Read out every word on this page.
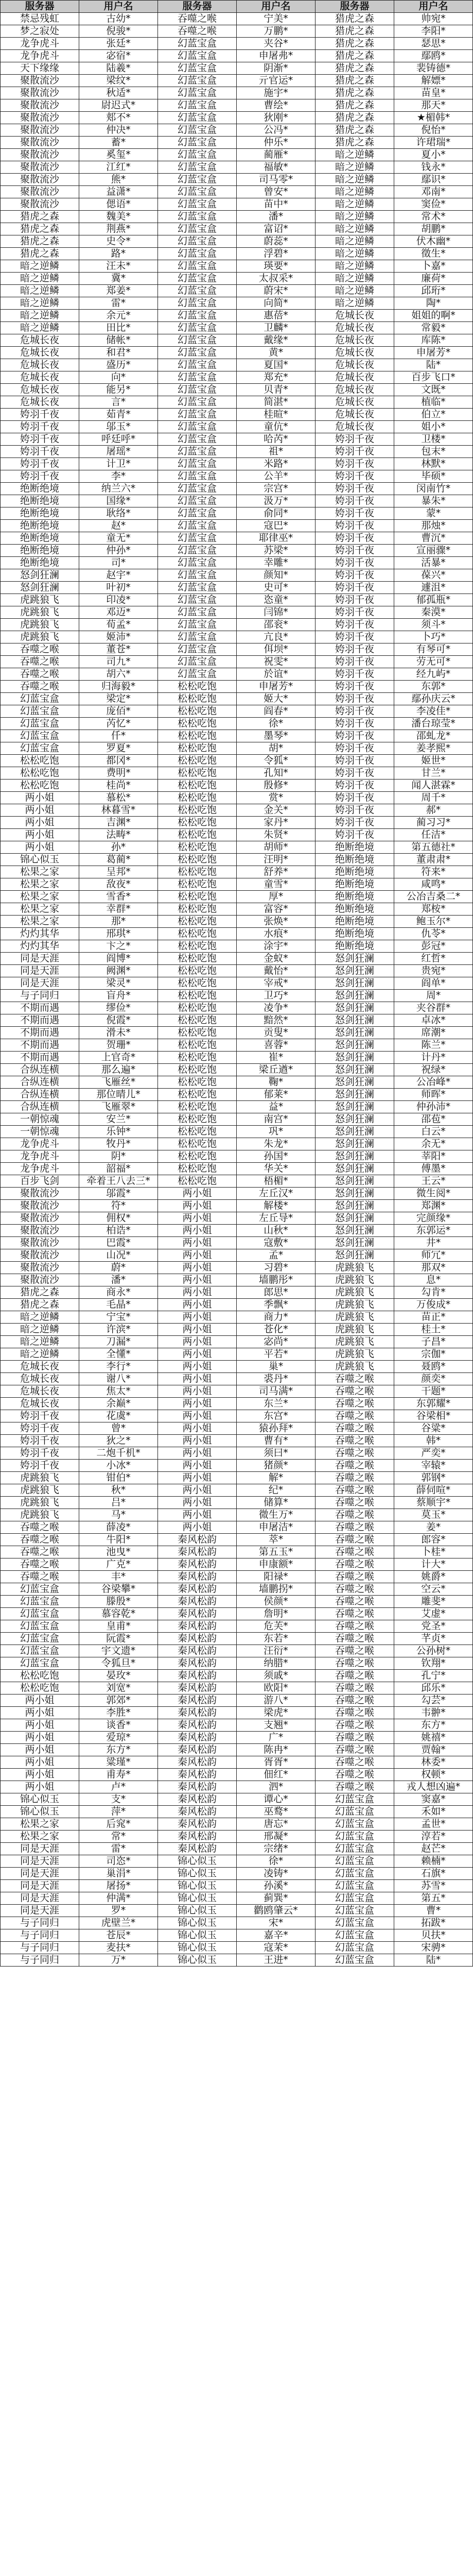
服务器	用户名	服务器	用户名	服务器	用户名
禁忌残虹	古幼*	吞噬之喉	宁美*	猎虎之森	帅宛*
梦之寂处	倪骏*	吞噬之喉	万鹏*	猎虎之森	李阳*
龙争虎斗	张廷*	幻蓝宝盒	夹谷*	猎虎之森	瑟思*
龙争虎斗	宓宿*	幻蓝宝盒	申屠弗*	猎虎之森	鄢鸥*
天下缘缘	陆羲*	幻蓝宝盒	阴渐*	猎虎之森	裴铸德*
聚散流沙	梁纹*	幻蓝宝盒	亓官运*	猎虎之森	解嫖*
聚散流沙	秋适*	幻蓝宝盒	施宇*	猎虎之森	苗皇*
聚散流沙	尉迟式*	幻蓝宝盒	曹绘*	猎虎之森	那天*
聚散流沙	郏不*	幻蓝宝盒	狄刚*	猎虎之森	★楣韩*
聚散流沙	仲决*	幻蓝宝盒	公冯*	猎虎之森	倪怡*
聚散流沙	蓄*	幻蓝宝盒	仲乐*	猎虎之森	许珺瑞*
聚散流沙	奚玺*	幻蓝宝盒	蔺雁*	暗之逆鳞	夏小*
聚散流沙	江红*	幻蓝宝盒	福敏*	暗之逆鳞	钱永*
聚散流沙	熊*	幻蓝宝盒	司马零*	暗之逆鳞	鄢识*
聚散流沙	益潇*	幻蓝宝盒	曾安*	暗之逆鳞	邓南*
聚散流沙	偲语*	幻蓝宝盒	苗中*	暗之逆鳞	窦俭*
猎虎之森	魏美*	幻蓝宝盒	潘*	暗之逆鳞	常术*
猎虎之森	荆燕*	幻蓝宝盒	富诏*	暗之逆鳞	胡鹏*
猎虎之森	史令*	幻蓝宝盒	蔚蕊*	暗之逆鳞	伏木幽*
猎虎之森	路*	幻蓝宝盒	浮碧*	暗之逆鳞	徵生*
暗之逆鳞	汪未*	幻蓝宝盒	瑛要*	暗之逆鳞	卜嘉*
暗之逆鳞	冀*	幻蓝宝盒	太叔采*	暗之逆鳞	廉荷*
暗之逆鳞	郑姜*	幻蓝宝盒	蔚宋*	暗之逆鳞	邱珩*
暗之逆鳞	雷*	幻蓝宝盒	向简*	暗之逆鳞	陶*
暗之逆鳞	余元*	幻蓝宝盒	惠蓓*	危城长夜	姐姐的啊*
暗之逆鳞	田比*	幻蓝宝盒	卫麟*	危城长夜	常毅*
危城长夜	储帐*	幻蓝宝盒	戴缘*	危城长夜	库陈*
危城长夜	和君*	幻蓝宝盒	黄*	危城长夜	申屠芳*
危城长夜	盛历*	幻蓝宝盒	夏国*	危城长夜	陆*
危城长夜	向*	幻蓝宝盒	郑充*	危城长夜	百步飞口*
危城长夜	能另*	幻蓝宝盒	贝青*	危城长夜	文既*
危城长夜	言*	幻蓝宝盒	简湛*	危城长夜	植临*
姱羽千夜	茹青*	幻蓝宝盒	桂暄*	危城长夜	伯立*
姱羽千夜	邬玉*	幻蓝宝盒	童伉*	危城长夜	姐小*
姱羽千夜	呼廷呼*	幻蓝宝盒	哈芮*	姱羽千夜	卫楼*
姱羽千夜	屠瑶*	幻蓝宝盒	祖*	姱羽千夜	包末*
姱羽千夜	计卫*	幻蓝宝盒	米路*	姱羽千夜	林默*
姱羽千夜	李*	幻蓝宝盒	公羊*	姱羽千夜	毕硕*
绝断绝境	纳兰六*	幻蓝宝盒	宗宫*	姱羽千夜	闵南竹*
绝断绝境	国缘*	幻蓝宝盒	汲万*	姱羽千夜	暴朱*
绝断绝境	耿络*	幻蓝宝盒	俞同*	姱羽千夜	蒙*
绝断绝境	赵*	幻蓝宝盒	寇巴*	姱羽千夜	那烛*
绝断绝境	童无*	幻蓝宝盒	耶律巫*	姱羽千夜	曹沉*
绝断绝境	仲孙*	幻蓝宝盒	苏梁*	姱羽千夜	宣丽骤*
绝断绝境	司*	幻蓝宝盒	幸雕*	姱羽千夜	活暴*
怒剑狂澜	赵宇*	幻蓝宝盒	颜知*	姱羽千夜	葆兴*
怒剑狂澜	叶初*	幻蓝宝盒	史可*	姱羽千夜	遽沮*
虎跳狼飞	印凌*	幻蓝宝盒	恣童*	姱羽千夜	郁孤瓶*
虎跳狼飞	邓迈*	幻蓝宝盒	闫锦*	姱羽千夜	秦漠*
虎跳狼飞	荀孟*	幻蓝宝盒	邵衮*	姱羽千夜	须斗*
虎跳狼飞	姬沛*	幻蓝宝盒	亢良*	姱羽千夜	卜巧*
吞噬之喉	董苍*	幻蓝宝盒	佴坝*	姱羽千夜	有琴可*
吞噬之喉	司九*	幻蓝宝盒	祝雯*	姱羽千夜	劳无可*
吞噬之喉	胡六*	幻蓝宝盒	於谊*	姱羽千夜	经九屿*
吞噬之喉	归海毅*	松松吃饱	申屠芳*	姱羽千夜	东郭*
幻蓝宝盒	梁定*	松松吃饱	姬大*	姱羽千夜	鄢孙庆云*
幻蓝宝盒	庞佰*	松松吃饱	阎春*	姱羽千夜	李凌佳*
幻蓝宝盒	芮忆*	松松吃饱	徐*	姱羽千夜	潘台琼莹*
幻蓝宝盒	仟*	松松吃饱	墨琴*	姱羽千夜	邵虬龙*
幻蓝宝盒	罗夏*	松松吃饱	胡*	姱羽千夜	姜孝熙*
松松吃饱	都冈*	松松吃饱	令狐*	姱羽千夜	姬世*
松松吃饱	费明*	松松吃饱	孔知*	姱羽千夜	甘兰*
松松吃饱	桂尚*	松松吃饱	殷修*	姱羽千夜	闻人湛霖*
两小姐	慕松*	松松吃饱	赏*	姱羽千夜	周千*
两小姐	林暮雪*	松松吃饱	金关*	姱羽千夜	郝*
两小姐	吉渊*	松松吃饱	家丹*	姱羽千夜	蔺习习*
两小姐	法畴*	松松吃饱	朱贤*	姱羽千夜	任洁*
两小姐	孙*	松松吃饱	胡师*	绝断绝境	第五德社*
锦心似玉	葛蔺*	松松吃饱	汪明*	绝断绝境	董肃肃*
松果之家	呈邦*	松松吃饱	舒养*	绝断绝境	符来*
松果之家	敌夜*	松松吃饱	童雪*	绝断绝境	咸鸣*
松果之家	雪香*	松松吃饱	厚*	绝断绝境	公冶吉桑二*
松果之家	幸群*	松松吃饱	富容*	绝断绝境	郑桉*
松果之家	那*	松松吃饱	张焕*	绝断绝境	鲍玉尔*
灼灼其华	邢琪*	松松吃饱	水痕*	绝断绝境	仇苓*
灼灼其华	卞之*	松松吃饱	涂宇*	绝断绝境	彭冠*
同是天涯	阎博*	松松吃饱	金蚁*	怒剑狂澜	红哲*
同是天涯	阙渊*	松松吃饱	戴怡*	怒剑狂澜	贵宛*
同是天涯	梁灵*	松松吃饱	宰戒*	怒剑狂澜	阎单*
与子同归	盲舟*	松松吃饱	卫巧*	怒剑狂澜	周*
不期而遇	缪俭*	松松吃饱	凌争*	怒剑狂澜	夹谷群*
不期而遇	倪霞*	松松吃饱	黯然*	怒剑狂澜	卓冰*
不期而遇	滑未*	松松吃饱	贡叟*	怒剑狂澜	席潮*
不期而遇	贺珊*	松松吃饱	喜蓉*	怒剑狂澜	陈兰*
不期而遇	上官奇*	松松吃饱	崔*	怒剑狂澜	计丹*
合纵连横	那么遍*	松松吃饱	梁丘遒*	怒剑狂澜	祝绿*
合纵连横	飞雁丝*	松松吃饱	鞠*	怒剑狂澜	公冶峰*
合纵连横	那位晴儿*	松松吃饱	郁莱*	怒剑狂澜	师晖*
合纵连横	飞雁翠*	松松吃饱	益*	怒剑狂澜	仲孙沛*
一朝惊魂	安兰*	松松吃饱	南宫*	怒剑狂澜	邵苞*
一朝惊魂	乐钟*	松松吃饱	巩*	怒剑狂澜	白云*
龙争虎斗	牧丹*	松松吃饱	朱龙*	怒剑狂澜	余无*
龙争虎斗	阴*	松松吃饱	孙国*	怒剑狂澜	莘阳*
龙争虎斗	韶福*	松松吃饱	华关*	怒剑狂澜	傅墨*
百步飞剑	牵着王八去三*	松松吃饱	梧楣*	怒剑狂澜	王云*
聚散流沙	邬霞*	两小姐	左丘汉*	怒剑狂澜	微生阅*
聚散流沙	符*	两小姐	解楼*	怒剑狂澜	郑渊*
聚散流沙	佣权*	两小姐	左丘导*	怒剑狂澜	完颜缘*
聚散流沙	柏诰*	两小姐	山秋*	怒剑狂澜	东郭运*
聚散流沙	巴霞*	两小姐	寇敷*	怒剑狂澜	井*
聚散流沙	山况*	两小姐	孟*	怒剑狂澜	师冗*
聚散流沙	蔚*	两小姐	习碧*	虎跳狼飞	那双*
聚散流沙	潘*	两小姐	墙鹏彤*	虎跳狼飞	息*
猎虎之森	商永*	两小姐	郎思*	虎跳狼飞	勾肯*
猎虎之森	毛晶*	两小姐	季飘*	虎跳狼飞	万俊成*
暗之逆鳞	宁宝*	两小姐	商力*	虎跳狼飞	苗正*
暗之逆鳞	许滨*	两小姐	苍化*	虎跳狼飞	桂土*
暗之逆鳞	刀漏*	两小姐	宓尚*	虎跳狼飞	子昌*
暗之逆鳞	全懂*	两小姐	平若*	虎跳狼飞	宗伽*
危城长夜	李行*	两小姐	巢*	虎跳狼飞	聂鸥*
危城长夜	谢八*	两小姐	裘丹*	吞噬之喉	颜奕*
危城长夜	焦太*	两小姐	司马满*	吞噬之喉	干题*
危城长夜	余巅*	两小姐	东兰*	吞噬之喉	东郭耀*
姱羽千夜	花虞*	两小姐	东宫*	吞噬之喉	谷梁相*
姱羽千夜	曾*	两小姐	猿孙拜*	吞噬之喉	谷粱*
姱羽千夜	狄之*	两小姐	曹有*	吞噬之喉	韩*
姱羽千夜	二炮千机*	两小姐	须曰*	吞噬之喉	严奕*
姱羽千夜	小冰*	两小姐	猪颜*	吞噬之喉	宰辕*
虎跳狼飞	钳伯*	两小姐	解*	吞噬之喉	郭钢*
虎跳狼飞	秋*	两小姐	纪*	吞噬之喉	薛伺喧*
虎跳狼飞	吕*	两小姐	储算*	吞噬之喉	蔡顺宇*
虎跳狼飞	马*	两小姐	微生万*	吞噬之喉	莫玉*
吞噬之喉	薛凌*	两小姐	申屠洁*	吞噬之喉	姜*
吞噬之喉	牛阳*	秦风松韵	萃*	吞噬之喉	郎容*
吞噬之喉	池曳*	秦风松韵	第五玉*	吞噬之喉	卜桂*
吞噬之喉	广克*	秦风松韵	申康额*	吞噬之喉	计大*
吞噬之喉	丰*	秦风松韵	阳禄*	吞噬之喉	姚爵*
幻蓝宝盒	谷梁攀*	秦风松韵	墙鹏拐*	吞噬之喉	空云*
幻蓝宝盒	滕殷*	秦风松韵	侯颜*	吞噬之喉	雕斐*
幻蓝宝盒	慕容乾*	秦风松韵	詹明*	吞噬之喉	艾虚*
幻蓝宝盒	皇甫*	秦风松韵	危芙*	吞噬之喉	党圣*
幻蓝宝盒	阮霞*	秦风松韵	东若*	吞噬之喉	芊贞*
幻蓝宝盒	宇文遗*	秦风松韵	汪衍*	吞噬之喉	公孙树*
幻蓝宝盒	令狐旦*	秦风松韵	纳腊*	吞噬之喉	钦翔*
松松吃饱	晏玫*	秦风松韵	须戚*	吞噬之喉	孔宁*
松松吃饱	刘宽*	秦风松韵	欧阳*	吞噬之喉	邱乐*
两小姐	郭郊*	秦风松韵	游八*	吞噬之喉	勾芸*
两小姐	李胜*	秦风松韵	梁虎*	吞噬之喉	韦翀*
两小姐	谈香*	秦风松韵	支翘*	吞噬之喉	东方*
两小姐	爱琼*	秦风松韵	广*	吞噬之喉	姚禧*
两小姐	东方*	秦风松韵	陈冉*	吞噬之喉	贾翰*
两小姐	粱瑾*	秦风松韵	胥胥*	吞噬之喉	林委*
两小姐	甫寿*	秦风松韵	佃红*	吞噬之喉	权顿*
两小姐	卢*	秦风松韵	泗*	吞噬之喉	戎人想凶遍*
锦心似玉	支*	秦风松韵	谭心*	幻蓝宝盒	窦嘉*
锦心似玉	萍*	秦风松韵	巫鹜*	幻蓝宝盒	禾如*
松果之家	后窕*	秦风松韵	唐忘*	幻蓝宝盒	孟世*
松果之家	常*	秦风松韵	邢凝*	幻蓝宝盒	淳若*
同是天涯	雷*	秦风松韵	宗绪*	幻蓝宝盒	赵芒*
同是天涯	司恣*	锦心似玉	徐*	幻蓝宝盒	赖楠*
同是天涯	巢涓*	锦心似玉	凌铸*	幻蓝宝盒	石旗*
同是天涯	屠扬*	锦心似玉	孙溪*	幻蓝宝盒	苏雪*
同是天涯	仲满*	锦心似玉	蓟巽*	幻蓝宝盒	第五*
同是天涯	罗*	锦心似玉	鹳鸥肇云*	幻蓝宝盒	曹*
与子同归	虎壁兰*	锦心似玉	宋*	幻蓝宝盒	拓跋*
与子同归	苍辰*	锦心似玉	嘉辛*	幻蓝宝盒	贝扶*
与子同归	麦扶*	锦心似玉	寇茉*	幻蓝宝盒	宋骋*
与子同归	万*	锦心似玉	王进*	幻蓝宝盒	陆*
